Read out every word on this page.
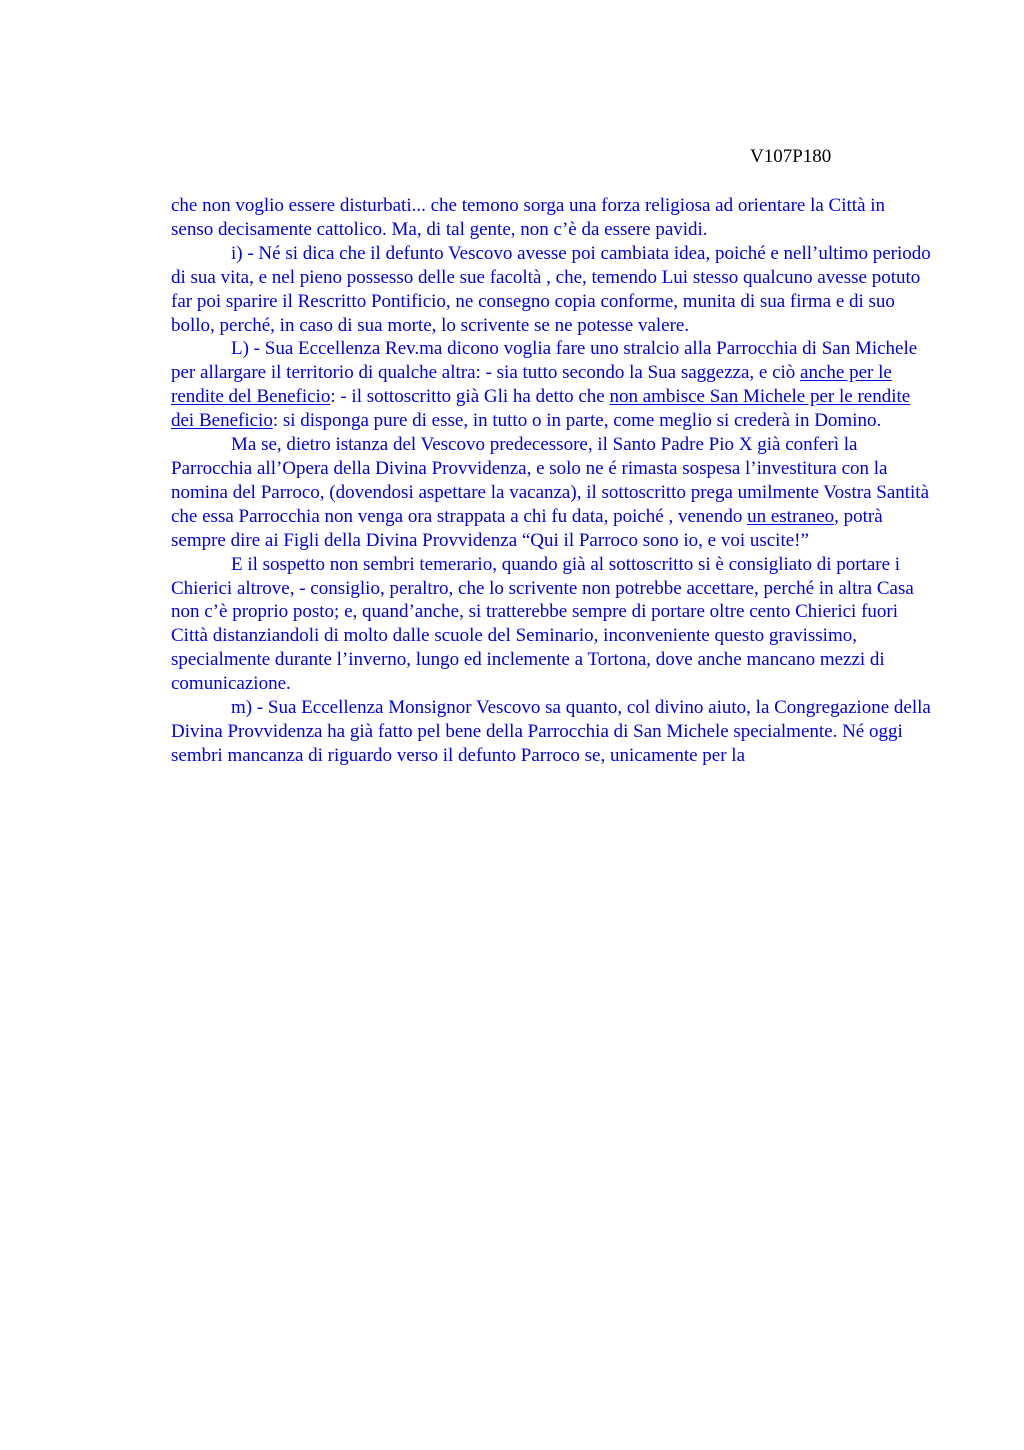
V107P180

che non voglio essere disturbati... che temono sorga una forza religiosa ad orientare la Città in senso decisamente cattolico. Ma, di tal gente, non c’è da essere pavidi.

i) - Né si dica che il defunto Vescovo avesse poi cambiata idea, poiché e nell’ultimo periodo di sua vita, e nel pieno possesso delle sue facoltà , che, temendo Lui stesso qualcuno avesse potuto far poi sparire il Rescritto Pontificio, ne consegno copia conforme, munita di sua firma e di suo bollo, perché, in caso di sua morte, lo scrivente se ne potesse valere.

L) - Sua Eccellenza Rev.ma dicono voglia fare uno stralcio alla Parrocchia di San Michele per allargare il territorio di qualche altra: - sia tutto secondo la Sua saggezza, e ciò anche per le rendite del Beneficio: - il sottoscritto già Gli ha detto che non ambisce San Michele per le rendite dei Beneficio: si disponga pure di esse, in tutto o in parte, come meglio si crederà in Domino.

Ma se, dietro istanza del Vescovo predecessore, il Santo Padre Pio X già conferì la Parrocchia all’Opera della Divina Provvidenza, e solo ne é rimasta sospesa l’investitura con la nomina del Parroco, (dovendosi aspettare la vacanza), il sottoscritto prega umilmente Vostra Santità che essa Parrocchia non venga ora strappata a chi fu data, poiché , venendo un estraneo, potrà sempre dire ai Figli della Divina Provvidenza “Qui il Parroco sono io, e voi uscite!”

E il sospetto non sembri temerario, quando già al sottoscritto si è consigliato di portare i Chierici altrove, - consiglio, peraltro, che lo scrivente non potrebbe accettare, perché in altra Casa non c’è proprio posto; e, quand’anche, si tratterebbe sempre di portare oltre cento Chierici fuori Città distanziandoli di molto dalle scuole del Seminario, inconveniente questo gravissimo, specialmente durante l’inverno, lungo ed inclemente a Tortona, dove anche mancano mezzi di comunicazione.

m) - Sua Eccellenza Monsignor Vescovo sa quanto, col divino aiuto, la Congregazione della Divina Provvidenza ha già fatto pel bene della Parrocchia di San Michele specialmente. Né oggi sembri mancanza di riguardo verso il defunto Parroco se, unicamente per la
